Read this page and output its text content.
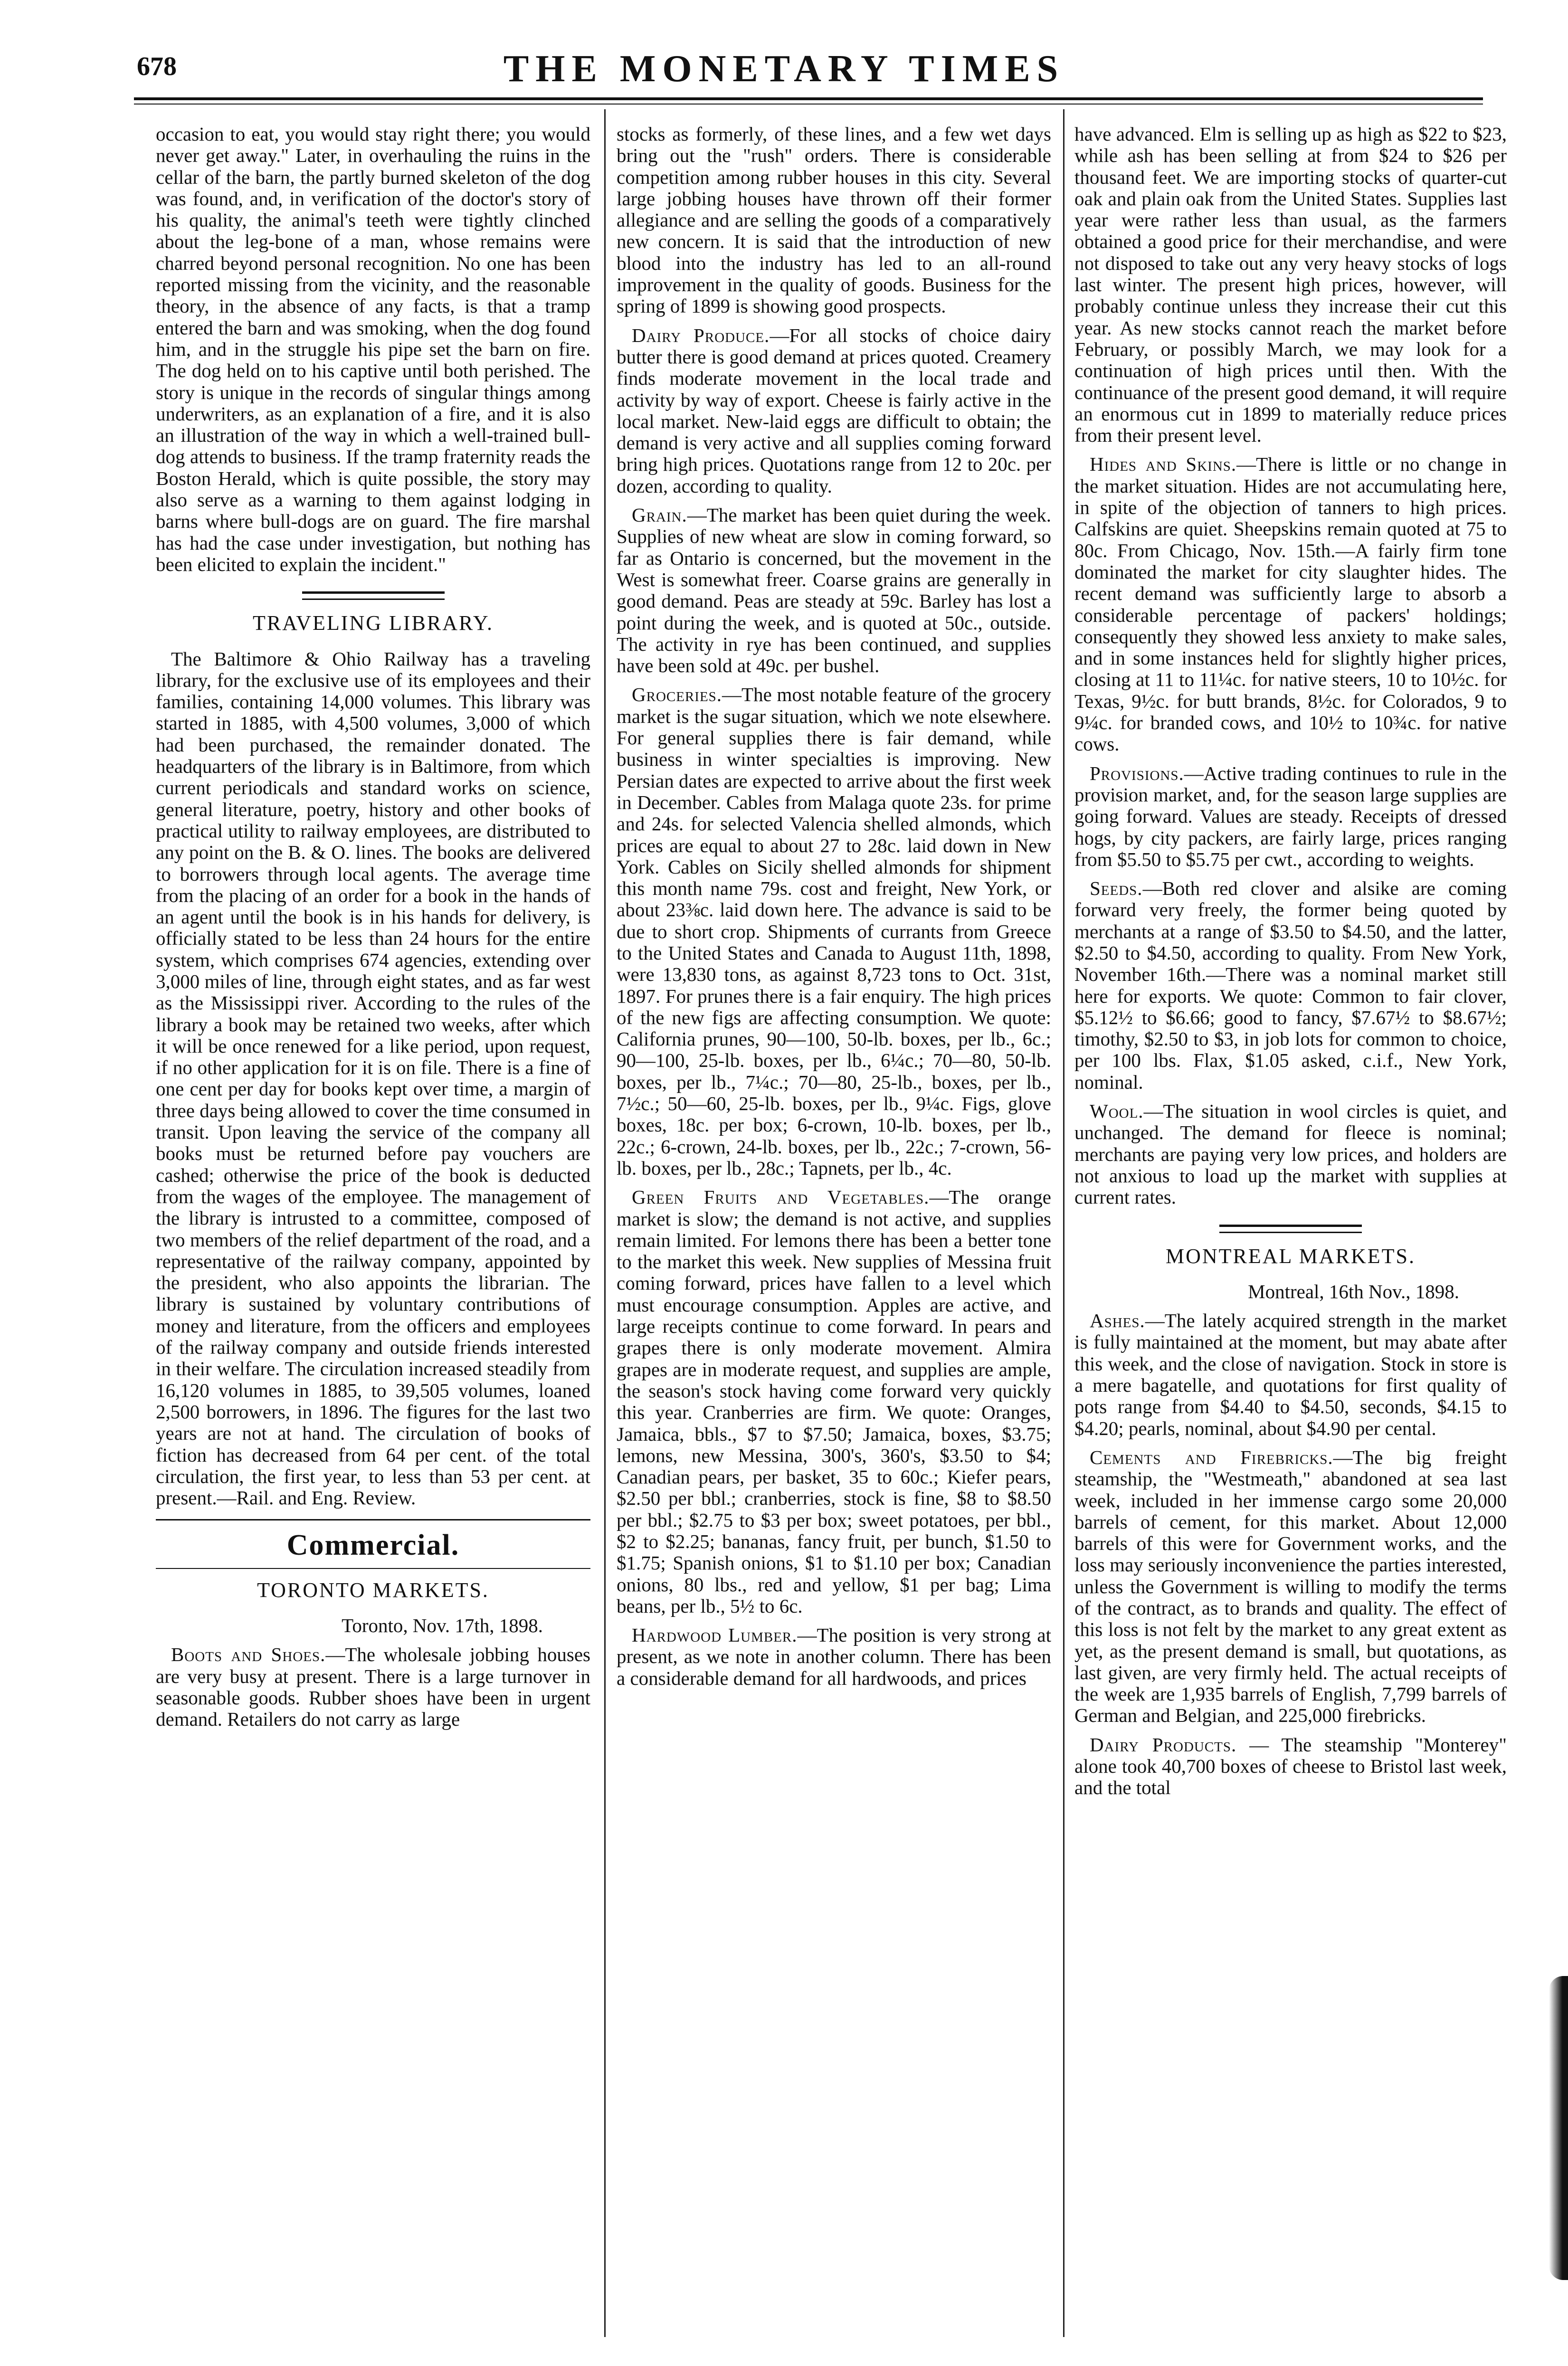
678	THE MONETARY TIMES

occasion to eat, you would stay right there; you would never get away." Later, in overhauling the ruins in the cellar of the barn, the partly burned skeleton of the dog was found, and, in verification of the doctor's story of his quality, the animal's teeth were tightly clinched about the leg-bone of a man, whose remains were charred beyond personal recognition. No one has been reported missing from the vicinity, and the reasonable theory, in the absence of any facts, is that a tramp entered the barn and was smoking, when the dog found him, and in the struggle his pipe set the barn on fire. The dog held on to his captive until both perished. The story is unique in the records of singular things among underwriters, as an explanation of a fire, and it is also an illustration of the way in which a well-trained bull-dog attends to business. If the tramp fraternity reads the Boston Herald, which is quite possible, the story may also serve as a warning to them against lodging in barns where bull-dogs are on guard. The fire marshal has had the case under investigation, but nothing has been elicited to explain the incident."

TRAVELING LIBRARY.

The Baltimore & Ohio Railway has a traveling library, for the exclusive use of its employees and their families, containing 14,000 volumes. This library was started in 1885, with 4,500 volumes, 3,000 of which had been purchased, the remainder donated. The headquarters of the library is in Baltimore, from which current periodicals and standard works on science, general literature, poetry, history and other books of practical utility to railway employees, are distributed to any point on the B. & O. lines. The books are delivered to borrowers through local agents. The average time from the placing of an order for a book in the hands of an agent until the book is in his hands for delivery, is officially stated to be less than 24 hours for the entire system, which comprises 674 agencies, extending over 3,000 miles of line, through eight states, and as far west as the Mississippi river. According to the rules of the library a book may be retained two weeks, after which it will be once renewed for a like period, upon request, if no other application for it is on file. There is a fine of one cent per day for books kept over time, a margin of three days being allowed to cover the time consumed in transit. Upon leaving the service of the company all books must be returned before pay vouchers are cashed; otherwise the price of the book is deducted from the wages of the employee. The management of the library is intrusted to a committee, composed of two members of the relief department of the road, and a representative of the railway company, appointed by the president, who also appoints the librarian. The library is sustained by voluntary contributions of money and literature, from the officers and employees of the railway company and outside friends interested in their welfare. The circulation increased steadily from 16,120 volumes in 1885, to 39,505 volumes, loaned 2,500 borrowers, in 1896. The figures for the last two years are not at hand. The circulation of books of fiction has decreased from 64 per cent. of the total circulation, the first year, to less than 53 per cent. at present.—Rail. and Eng. Review.

Commercial.
TORONTO MARKETS.

Toronto, Nov. 17th, 1898.

Boots and Shoes.—The wholesale jobbing houses are very busy at present. There is a large turnover in seasonable goods. Rubber shoes have been in urgent demand. Retailers do not carry as large

stocks as formerly, of these lines, and a few wet days bring out the "rush" orders. There is considerable competition among rubber houses in this city. Several large jobbing houses have thrown off their former allegiance and are selling the goods of a comparatively new concern. It is said that the introduction of new blood into the industry has led to an all-round improvement in the quality of goods. Business for the spring of 1899 is showing good prospects.

Dairy Produce.—For all stocks of choice dairy butter there is good demand at prices quoted. Creamery finds moderate movement in the local trade and activity by way of export. Cheese is fairly active in the local market. New-laid eggs are difficult to obtain; the demand is very active and all supplies coming forward bring high prices. Quotations range from 12 to 20c. per dozen, according to quality.

Grain.—The market has been quiet during the week. Supplies of new wheat are slow in coming forward, so far as Ontario is concerned, but the movement in the West is somewhat freer. Coarse grains are generally in good demand. Peas are steady at 59c. Barley has lost a point during the week, and is quoted at 50c., outside. The activity in rye has been continued, and supplies have been sold at 49c. per bushel.

Groceries.—The most notable feature of the grocery market is the sugar situation, which we note elsewhere. For general supplies there is fair demand, while business in winter specialties is improving. New Persian dates are expected to arrive about the first week in December. Cables from Malaga quote 23s. for prime and 24s. for selected Valencia shelled almonds, which prices are equal to about 27 to 28c. laid down in New York. Cables on Sicily shelled almonds for shipment this month name 79s. cost and freight, New York, or about 23⅜c. laid down here. The advance is said to be due to short crop. Shipments of currants from Greece to the United States and Canada to August 11th, 1898, were 13,830 tons, as against 8,723 tons to Oct. 31st, 1897. For prunes there is a fair enquiry. The high prices of the new figs are affecting consumption. We quote: California prunes, 90—100, 50-lb. boxes, per lb., 6c.; 90—100, 25-lb. boxes, per lb., 6¼c.; 70—80, 50-lb. boxes, per lb., 7¼c.; 70—80, 25-lb., boxes, per lb., 7½c.; 50—60, 25-lb. boxes, per lb., 9¼c. Figs, glove boxes, 18c. per box; 6-crown, 10-lb. boxes, per lb., 22c.; 6-crown, 24-lb. boxes, per lb., 22c.; 7-crown, 56-lb. boxes, per lb., 28c.; Tapnets, per lb., 4c.

Green Fruits and Vegetables.—The orange market is slow; the demand is not active, and supplies remain limited. For lemons there has been a better tone to the market this week. New supplies of Messina fruit coming forward, prices have fallen to a level which must encourage consumption. Apples are active, and large receipts continue to come forward. In pears and grapes there is only moderate movement. Almira grapes are in moderate request, and supplies are ample, the season's stock having come forward very quickly this year. Cranberries are firm. We quote: Oranges, Jamaica, bbls., $7 to $7.50; Jamaica, boxes, $3.75; lemons, new Messina, 300's, 360's, $3.50 to $4; Canadian pears, per basket, 35 to 60c.; Kiefer pears, $2.50 per bbl.; cranberries, stock is fine, $8 to $8.50 per bbl.; $2.75 to $3 per box; sweet potatoes, per bbl., $2 to $2.25; bananas, fancy fruit, per bunch, $1.50 to $1.75; Spanish onions, $1 to $1.10 per box; Canadian onions, 80 lbs., red and yellow, $1 per bag; Lima beans, per lb., 5½ to 6c.

Hardwood Lumber.—The position is very strong at present, as we note in another column. There has been a considerable demand for all hardwoods, and prices

have advanced. Elm is selling up as high as $22 to $23, while ash has been selling at from $24 to $26 per thousand feet. We are importing stocks of quarter-cut oak and plain oak from the United States. Supplies last year were rather less than usual, as the farmers obtained a good price for their merchandise, and were not disposed to take out any very heavy stocks of logs last winter. The present high prices, however, will probably continue unless they increase their cut this year. As new stocks cannot reach the market before February, or possibly March, we may look for a continuation of high prices until then. With the continuance of the present good demand, it will require an enormous cut in 1899 to materially reduce prices from their present level.

Hides and Skins.—There is little or no change in the market situation. Hides are not accumulating here, in spite of the objection of tanners to high prices. Calfskins are quiet. Sheepskins remain quoted at 75 to 80c. From Chicago, Nov. 15th.—A fairly firm tone dominated the market for city slaughter hides. The recent demand was sufficiently large to absorb a considerable percentage of packers' holdings; consequently they showed less anxiety to make sales, and in some instances held for slightly higher prices, closing at 11 to 11¼c. for native steers, 10 to 10½c. for Texas, 9½c. for butt brands, 8½c. for Colorados, 9 to 9¼c. for branded cows, and 10½ to 10¾c. for native cows.

Provisions.—Active trading continues to rule in the provision market, and, for the season large supplies are going forward. Values are steady. Receipts of dressed hogs, by city packers, are fairly large, prices ranging from $5.50 to $5.75 per cwt., according to weights.

Seeds.—Both red clover and alsike are coming forward very freely, the former being quoted by merchants at a range of $3.50 to $4.50, and the latter, $2.50 to $4.50, according to quality. From New York, November 16th.—There was a nominal market still here for exports. We quote: Common to fair clover, $5.12½ to $6.66; good to fancy, $7.67½ to $8.67½; timothy, $2.50 to $3, in job lots for common to choice, per 100 lbs. Flax, $1.05 asked, c.i.f., New York, nominal.

Wool.—The situation in wool circles is quiet, and unchanged. The demand for fleece is nominal; merchants are paying very low prices, and holders are not anxious to load up the market with supplies at current rates.

MONTREAL MARKETS.

Montreal, 16th Nov., 1898.

Ashes.—The lately acquired strength in the market is fully maintained at the moment, but may abate after this week, and the close of navigation. Stock in store is a mere bagatelle, and quotations for first quality of pots range from $4.40 to $4.50, seconds, $4.15 to $4.20; pearls, nominal, about $4.90 per cental.

Cements and Firebricks.—The big freight steamship, the "Westmeath," abandoned at sea last week, included in her immense cargo some 20,000 barrels of cement, for this market. About 12,000 barrels of this were for Government works, and the loss may seriously inconvenience the parties interested, unless the Government is willing to modify the terms of the contract, as to brands and quality. The effect of this loss is not felt by the market to any great extent as yet, as the present demand is small, but quotations, as last given, are very firmly held. The actual receipts of the week are 1,935 barrels of English, 7,799 barrels of German and Belgian, and 225,000 firebricks.

Dairy Products. — The steamship "Monterey" alone took 40,700 boxes of cheese to Bristol last week, and the total
